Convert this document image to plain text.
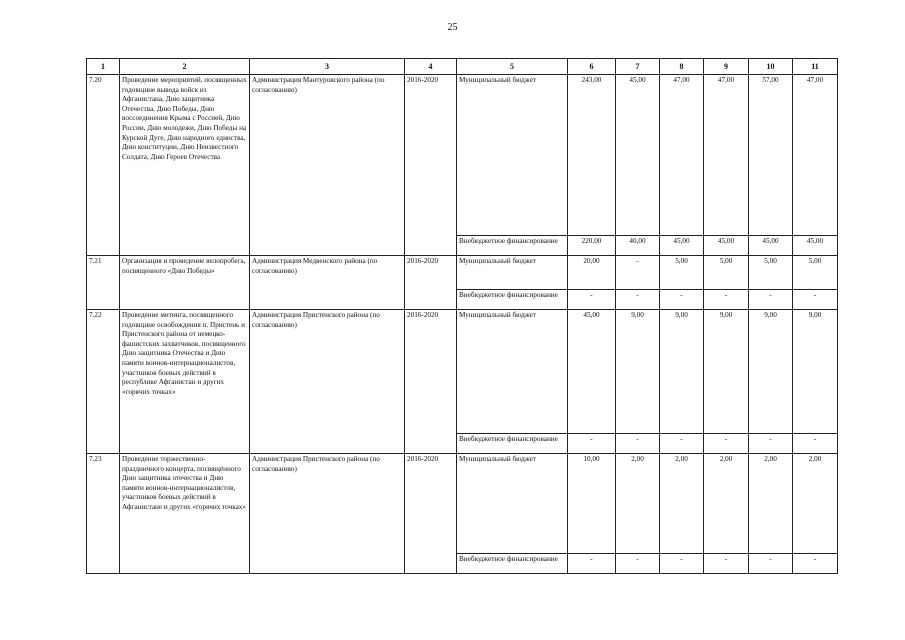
25
1	2	3	4	5	6	7	8	9	10	11
7.20	Проведение мероприятий, посвященных годовщине вывода войск из Афганистана, Дню защитника Отечества, Дню Победы, Дню воссоединения Крыма с Россией, Дню России, Дню молодежи, Дню Победы на Курской Дуге, Дню народного единства, Дню конституции, Дню Неизвестного Солдата, Дню Героев Отечества	Администрация Мантуровского района (по согласованию)	2016-2020	Муниципальный бюджет	243,00	45,00	47,00	47,00	57,00	47,00
				Внебюджетное финансирование	220,00	40,00	45,00	45,00	45,00	45,00
7.21	Организация и проведение велопробега, посвященного «Дню Победы»	Администрация Медвенского района (по согласованию)	2016-2020	Муниципальный бюджет	20,00	-	5,00	5,00	5,00	5,00
				Внебюджетное финансирование	-	-	-	-	-	-
7.22	Проведение митинга, посвященного годовщине освобождения п. Пристень и Пристенского района от немецко-фашистских захватчиков, посвященного Дню защитника Отечества и Дню памяти воинов-интернационалистов, участников боевых действий в республике Афганистан и других «горячих точках»	Администрация Пристенского района (по согласованию)	2016-2020	Муниципальный бюджет	45,00	9,00	9,00	9,00	9,00	9,00
				Внебюджетное финансирование	-	-	-	-	-	-
7.23	Проведение торжественно-праздничного концерта, посвящённого Дню защитника отечества и Дню памяти воинов-интернационалистов, участников боевых действий в Афганистане и других «горячих точках»	Администрация Пристенского района (по согласованию)	2016-2020	Муниципальный бюджет	10,00	2,00	2,00	2,00	2,00	2,00
				Внебюджетное финансирование	-	-	-	-	-	-
